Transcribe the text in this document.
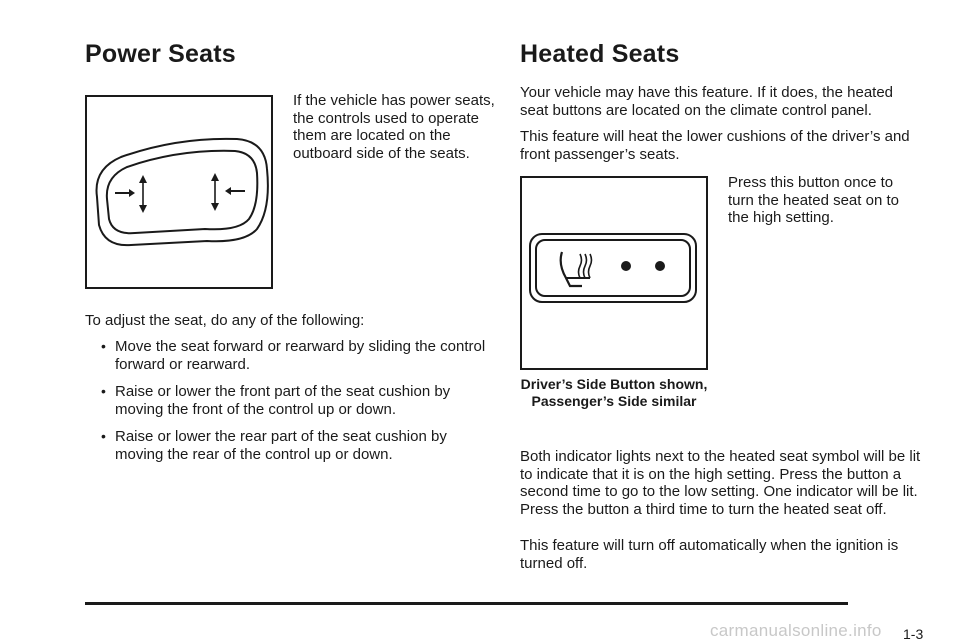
Power Seats

If the vehicle has power seats, the controls used to operate them are located on the outboard side of the seats.

To adjust the seat, do any of the following:

• Move the seat forward or rearward by sliding the control forward or rearward.
• Raise or lower the front part of the seat cushion by moving the front of the control up or down.
• Raise or lower the rear part of the seat cushion by moving the rear of the control up or down.
Heated Seats

Your vehicle may have this feature. If it does, the heated seat buttons are located on the climate control panel.

This feature will heat the lower cushions of the driver’s and front passenger’s seats.

Press this button once to turn the heated seat on to the high setting.

Driver’s Side Button shown, Passenger’s Side similar

Both indicator lights next to the heated seat symbol will be lit to indicate that it is on the high setting. Press the button a second time to go to the low setting. One indicator will be lit. Press the button a third time to turn the heated seat off.

This feature will turn off automatically when the ignition is turned off.

carmanualsonline.info 1-3
